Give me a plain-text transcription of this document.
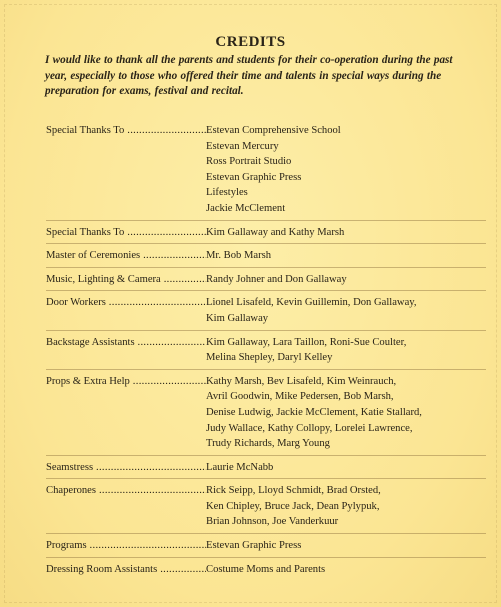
CREDITS
I would like to thank all the parents and students for their co-operation during the past year, especially to those who offered their time and talents in special ways during the preparation for exams, festival and recital.
Special Thanks To .....	Estevan Comprehensive School
Estevan Mercury
Ross Portrait Studio
Estevan Graphic Press
Lifestyles
Jackie McClement
Special Thanks To .....	Kim Gallaway and Kathy Marsh
Master of Ceremonies .....	Mr. Bob Marsh
Music, Lighting & Camera .....	Randy Johner and Don Gallaway
Door Workers .....	Lionel Lisafeld, Kevin Guillemin, Don Gallaway,
Kim Gallaway
Backstage Assistants .....	Kim Gallaway, Lara Taillon, Roni-Sue Coulter,
Melina Shepley, Daryl Kelley
Props & Extra Help .....	Kathy Marsh, Bev Lisafeld, Kim Weinrauch,
Avril Goodwin, Mike Pedersen, Bob Marsh,
Denise Ludwig, Jackie McClement, Katie Stallard,
Judy Wallace, Kathy Collopy, Lorelei Lawrence,
Trudy Richards, Marg Young
Seamstress .....	Laurie McNabb
Chaperones .....	Rick Seipp, Lloyd Schmidt, Brad Orsted,
Ken Chipley, Bruce Jack, Dean Pylypuk,
Brian Johnson, Joe Vanderkuur
Programs .....	Estevan Graphic Press
Dressing Room Assistants .....	Costume Moms and Parents
